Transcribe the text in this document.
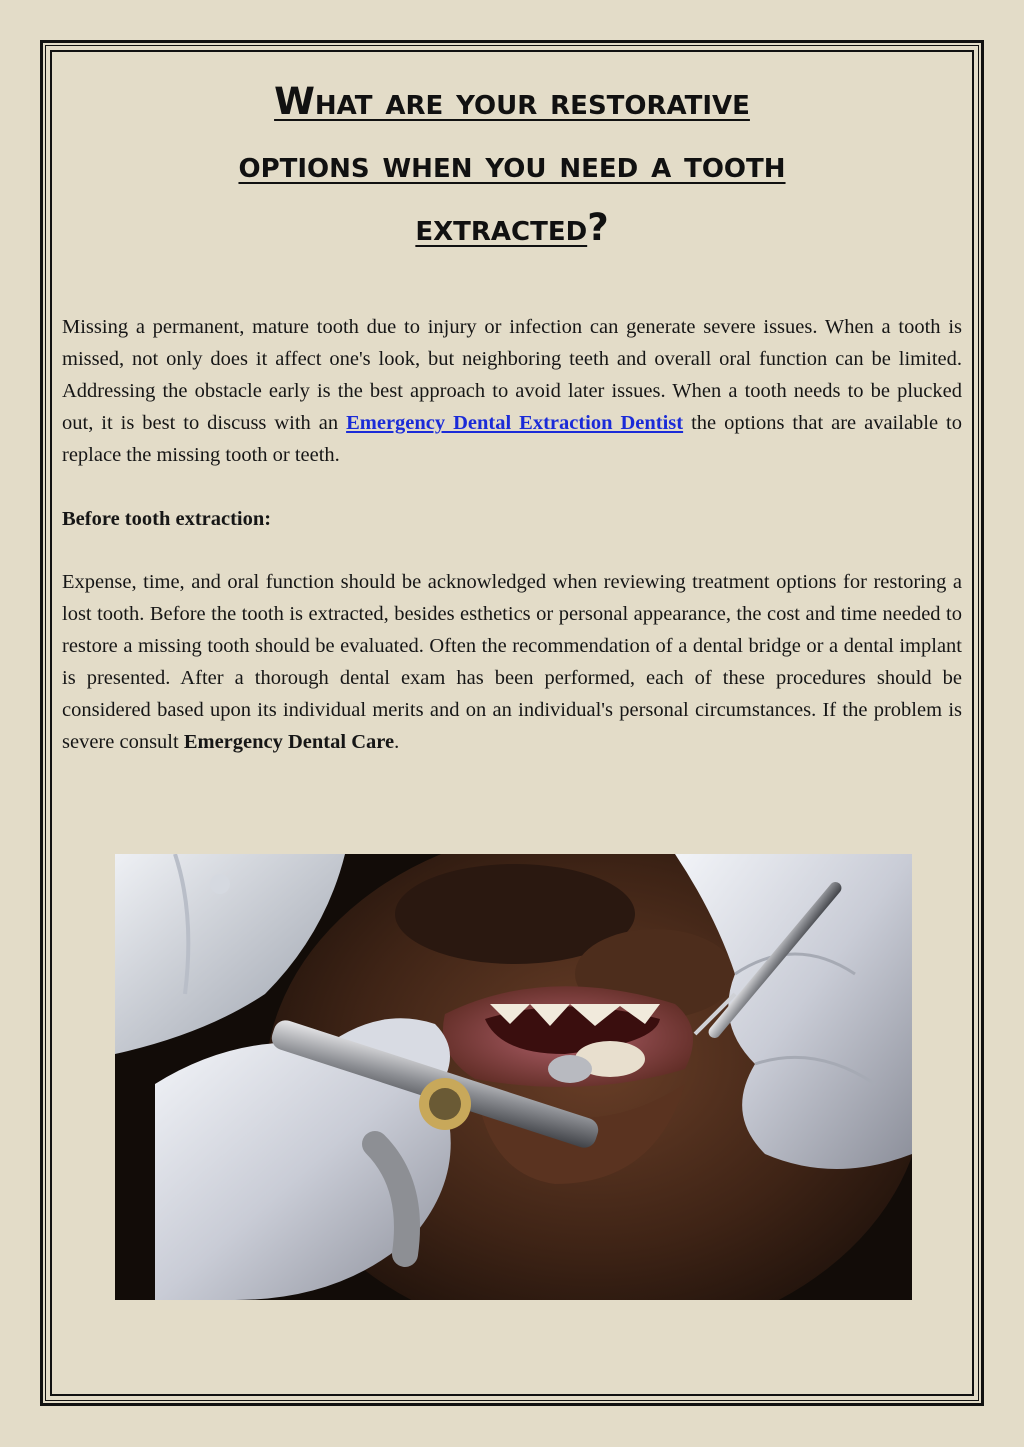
What are your restorative
options when you need a tooth
extracted?

Missing a permanent, mature tooth due to injury or infection can generate severe issues. When a tooth is missed, not only does it affect one's look, but neighboring teeth and overall oral function can be limited. Addressing the obstacle early is the best approach to avoid later issues. When a tooth needs to be plucked out, it is best to discuss with an Emergency Dental Extraction Dentist the options that are available to replace the missing tooth or teeth.

Before tooth extraction:

Expense, time, and oral function should be acknowledged when reviewing treatment options for restoring a lost tooth. Before the tooth is extracted, besides esthetics or personal appearance, the cost and time needed to restore a missing tooth should be evaluated. Often the recommendation of a dental bridge or a dental implant is presented. After a thorough dental exam has been performed, each of these procedures should be considered based upon its individual merits and on an individual's personal circumstances. If the problem is severe consult Emergency Dental Care.
